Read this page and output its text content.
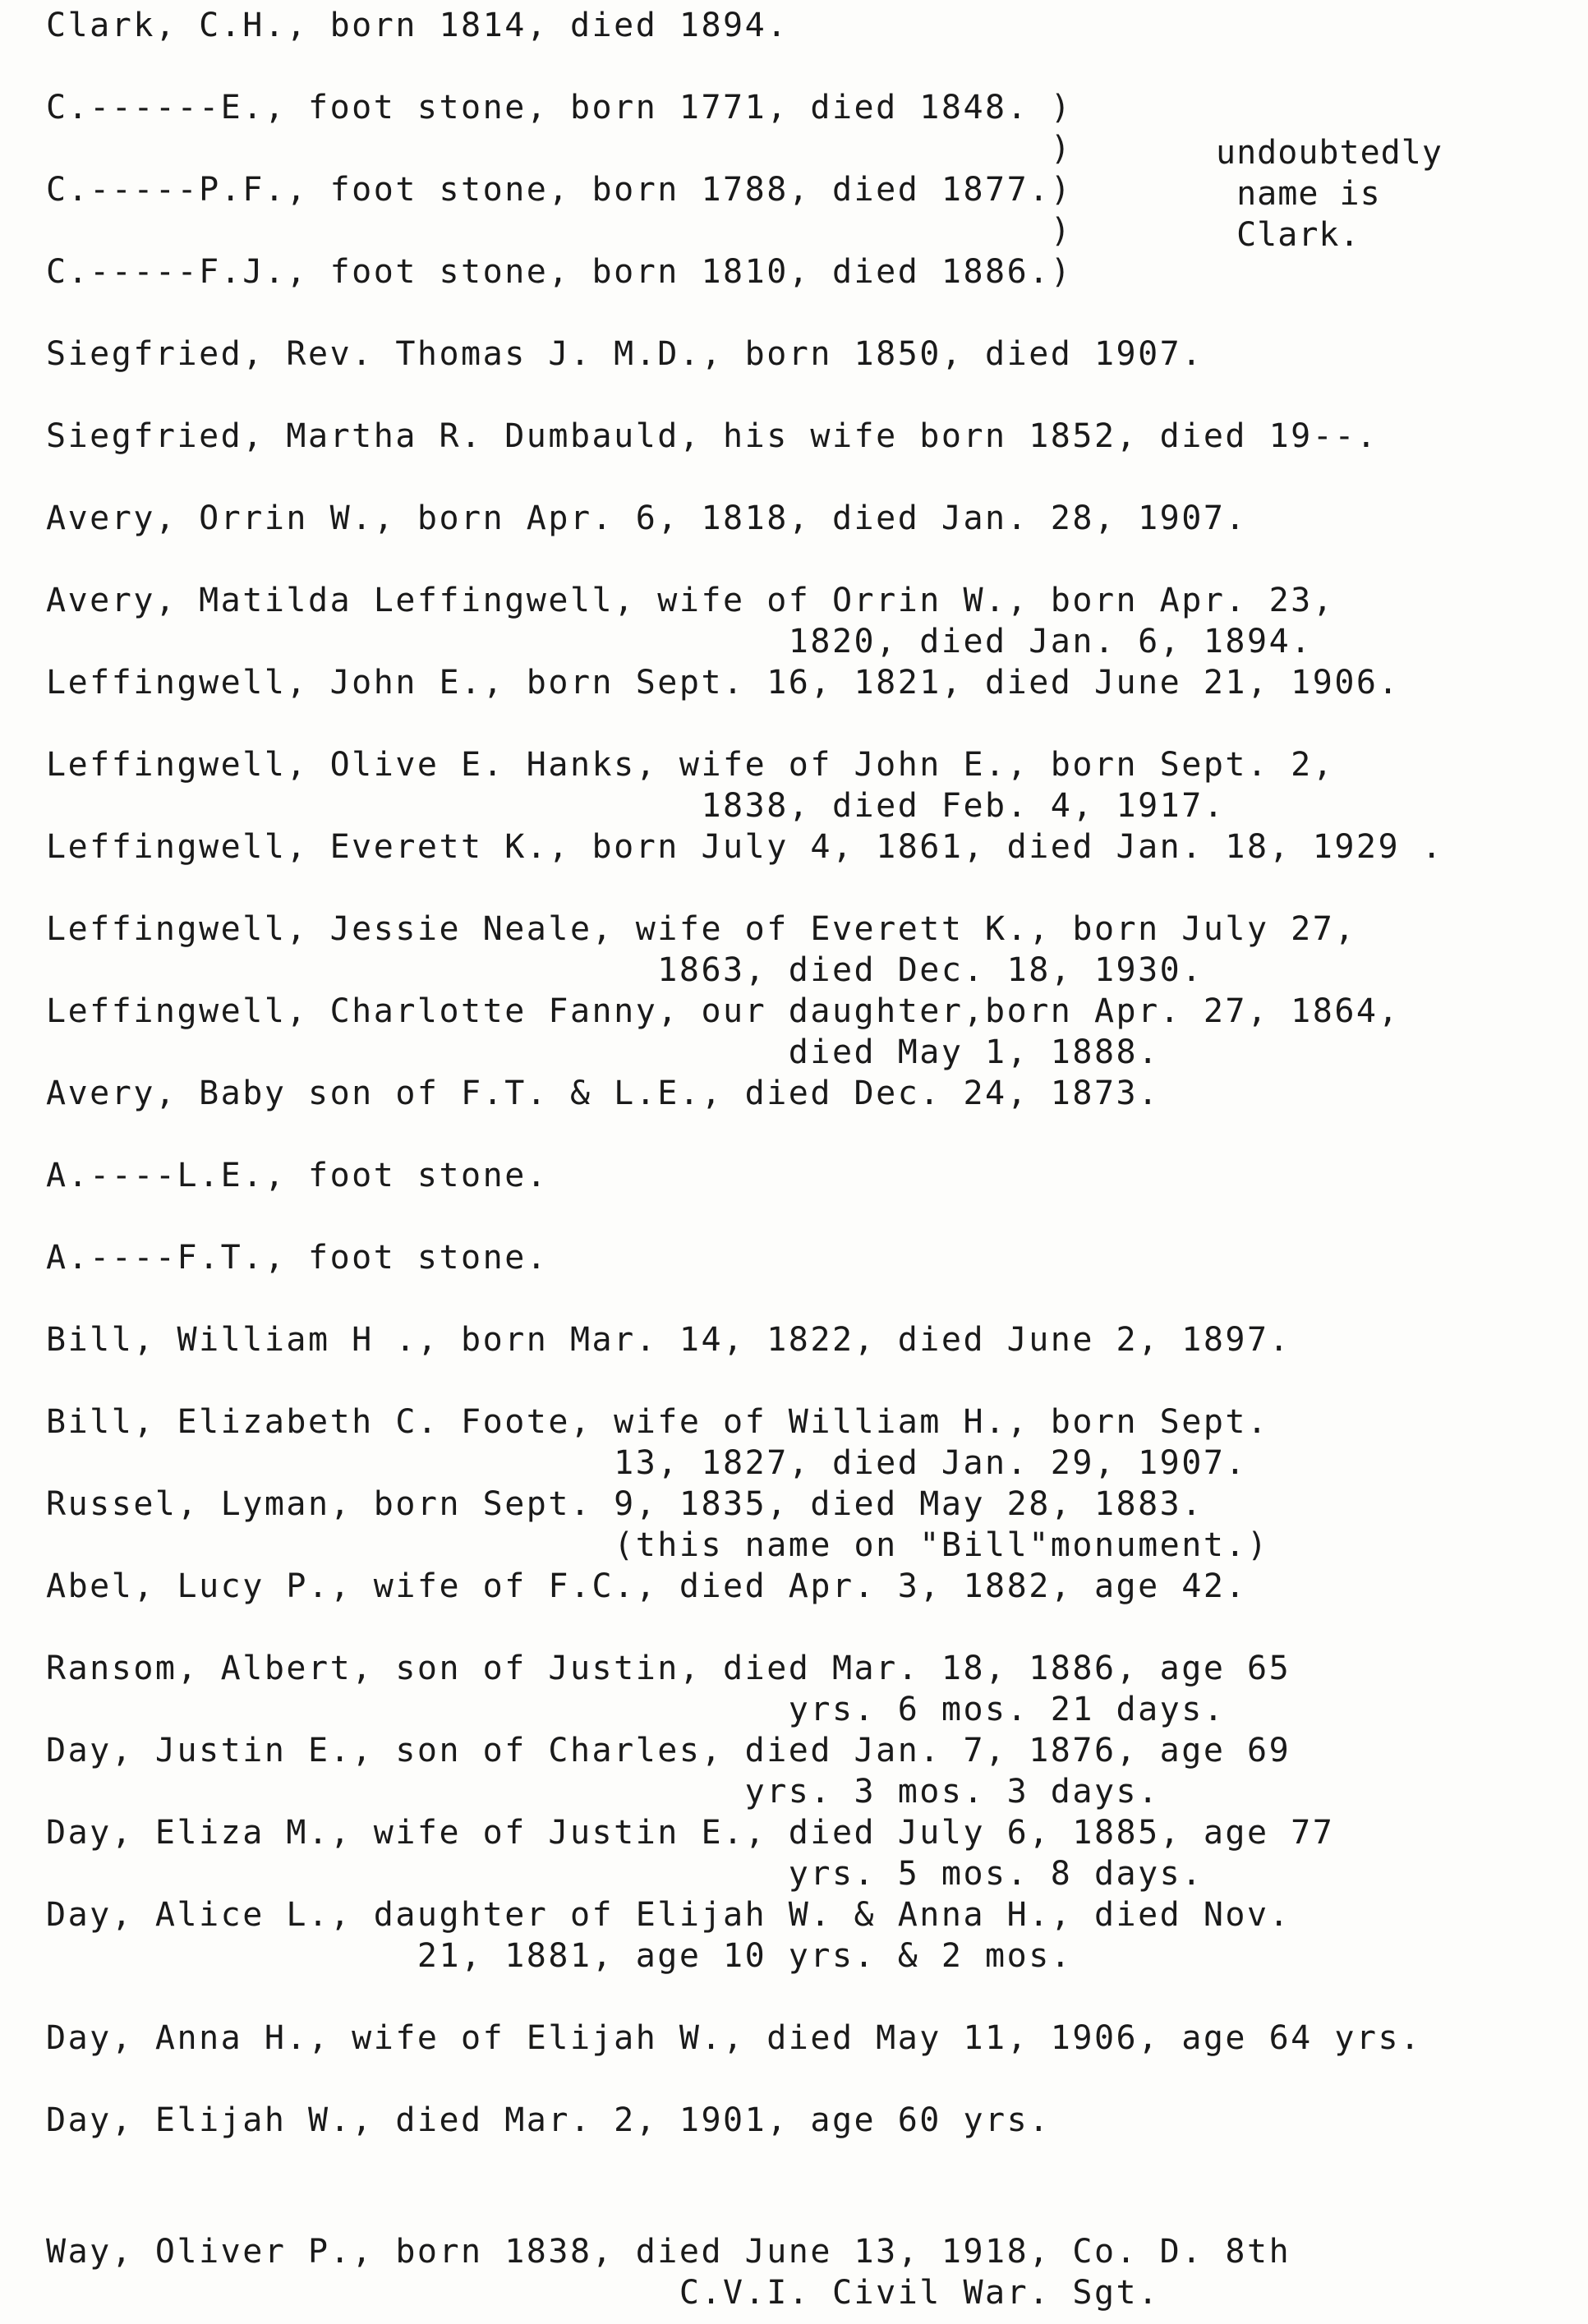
Clark, C.H., born 1814, died 1894.
C.------E., foot stone, born 1771, died 1848. )
)
C.-----P.F., foot stone, born 1788, died 1877.)
)
C.-----F.J., foot stone, born 1810, died 1886.)
Siegfried, Rev. Thomas J. M.D., born 1850, died 1907.
Siegfried, Martha R. Dumbauld, his wife born 1852, died 19--.
Avery, Orrin W., born Apr. 6, 1818, died Jan. 28, 1907.
Avery, Matilda Leffingwell, wife of Orrin W., born Apr. 23,
1820, died Jan. 6, 1894.
Leffingwell, John E., born Sept. 16, 1821, died June 21, 1906.
Leffingwell, Olive E. Hanks, wife of John E., born Sept. 2,
1838, died Feb. 4, 1917.
Leffingwell, Everett K., born July 4, 1861, died Jan. 18, 1929 .
Leffingwell, Jessie Neale, wife of Everett K., born July 27,
1863, died Dec. 18, 1930.
Leffingwell, Charlotte Fanny, our daughter,born Apr. 27, 1864,
died May 1, 1888.
Avery, Baby son of F.T. & L.E., died Dec. 24, 1873.
A.----L.E., foot stone.
A.----F.T., foot stone.
Bill, William H ., born Mar. 14, 1822, died June 2, 1897.
Bill, Elizabeth C. Foote, wife of William H., born Sept.
13, 1827, died Jan. 29, 1907.
Russel, Lyman, born Sept. 9, 1835, died May 28, 1883.
(this name on "Bill"monument.)
Abel, Lucy P., wife of F.C., died Apr. 3, 1882, age 42.
Ransom, Albert, son of Justin, died Mar. 18, 1886, age 65
yrs. 6 mos. 21 days.
Day, Justin E., son of Charles, died Jan. 7, 1876, age 69
yrs. 3 mos. 3 days.
Day, Eliza M., wife of Justin E., died July 6, 1885, age 77
yrs. 5 mos. 8 days.
Day, Alice L., daughter of Elijah W. & Anna H., died Nov.
21, 1881, age 10 yrs. & 2 mos.
Day, Anna H., wife of Elijah W., died May 11, 1906, age 64 yrs.
Day, Elijah W., died Mar. 2, 1901, age 60 yrs.
Way, Oliver P., born 1838, died June 13, 1918, Co. D. 8th
C.V.I. Civil War. Sgt.
undoubtedly
name is
Clark.
